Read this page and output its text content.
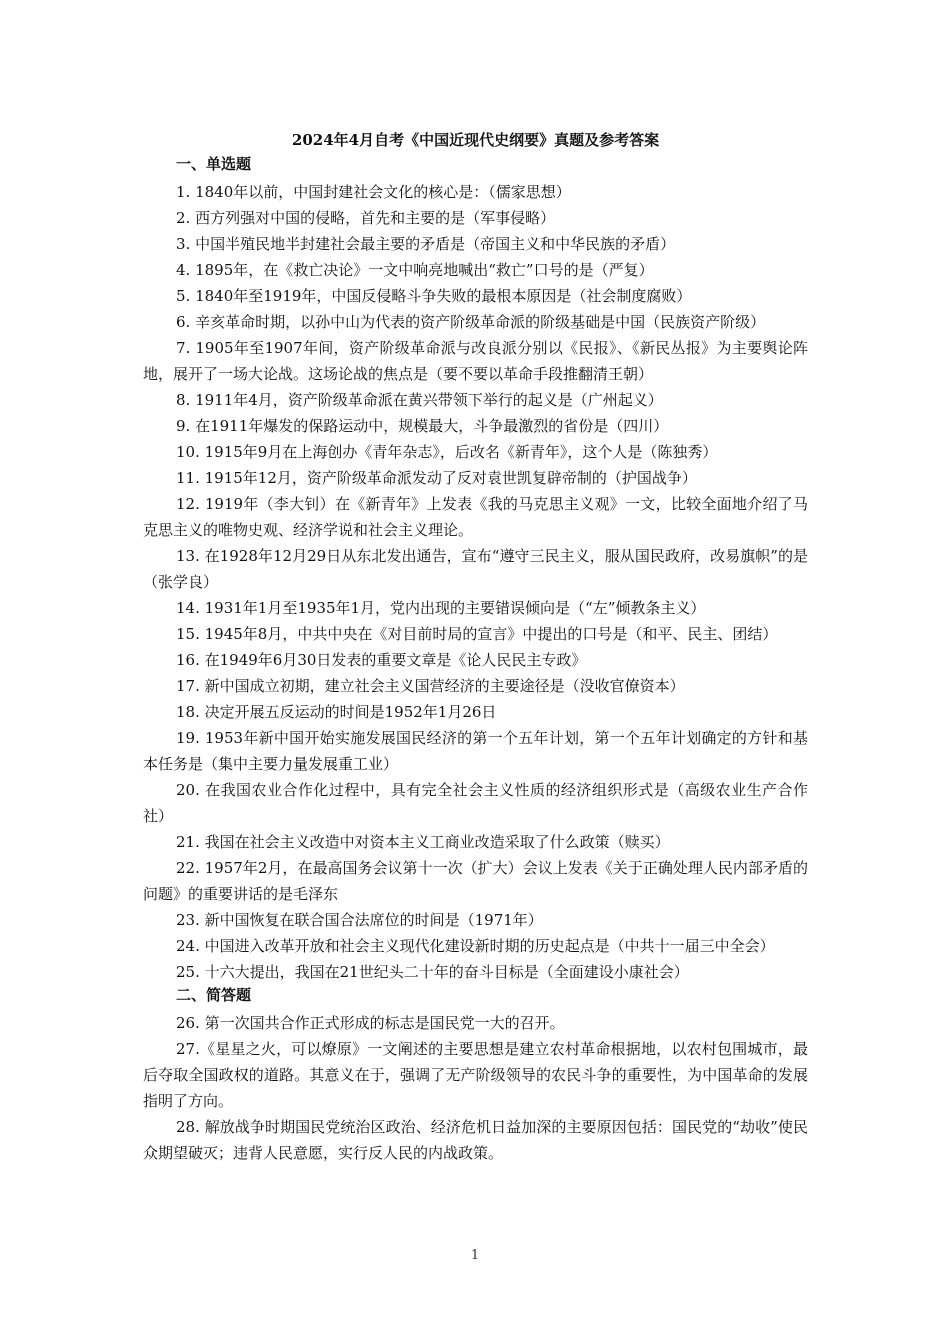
2024年4月自考《中国近现代史纲要》真题及参考答案
一、单选题

1. 1840年以前，中国封建社会文化的核心是：（儒家思想）

2. 西方列强对中国的侵略，首先和主要的是（军事侵略）

3. 中国半殖民地半封建社会最主要的矛盾是（帝国主义和中华民族的矛盾）

4. 1895年，在《救亡决论》一文中响亮地喊出“救亡”口号的是（严复）

5. 1840年至1919年，中国反侵略斗争失败的最根本原因是（社会制度腐败）

6. 辛亥革命时期，以孙中山为代表的资产阶级革命派的阶级基础是中国（民族资产阶级）

7. 1905年至1907年间，资产阶级革命派与改良派分别以《民报》、《新民丛报》为主要舆论阵地，展开了一场大论战。这场论战的焦点是（要不要以革命手段推翻清王朝）

8. 1911年4月，资产阶级革命派在黄兴带领下举行的起义是（广州起义）

9. 在1911年爆发的保路运动中，规模最大，斗争最激烈的省份是（四川）

10. 1915年9月在上海创办《青年杂志》，后改名《新青年》，这个人是（陈独秀）

11. 1915年12月，资产阶级革命派发动了反对袁世凯复辟帝制的（护国战争）

12. 1919年（李大钊）在《新青年》上发表《我的马克思主义观》一文，比较全面地介绍了马克思主义的唯物史观、经济学说和社会主义理论。

13. 在1928年12月29日从东北发出通告，宣布“遵守三民主义，服从国民政府，改易旗帜”的是（张学良）

14. 1931年1月至1935年1月，党内出现的主要错误倾向是（“左”倾教条主义）

15. 1945年8月，中共中央在《对目前时局的宣言》中提出的口号是（和平、民主、团结）

16. 在1949年6月30日发表的重要文章是《论人民民主专政》

17. 新中国成立初期，建立社会主义国营经济的主要途径是（没收官僚资本）

18. 决定开展五反运动的时间是1952年1月26日

19. 1953年新中国开始实施发展国民经济的第一个五年计划，第一个五年计划确定的方针和基本任务是（集中主要力量发展重工业）

20. 在我国农业合作化过程中，具有完全社会主义性质的经济组织形式是（高级农业生产合作社）

21. 我国在社会主义改造中对资本主义工商业改造采取了什么政策（赎买）

22. 1957年2月，在最高国务会议第十一次（扩大）会议上发表《关于正确处理人民内部矛盾的问题》的重要讲话的是毛泽东

23. 新中国恢复在联合国合法席位的时间是（1971年）

24. 中国进入改革开放和社会主义现代化建设新时期的历史起点是（中共十一届三中全会）

25. 十六大提出，我国在21世纪头二十年的奋斗目标是（全面建设小康社会）

二、简答题

26. 第一次国共合作正式形成的标志是国民党一大的召开。

27.《星星之火，可以燎原》一文阐述的主要思想是建立农村革命根据地，以农村包围城市，最后夺取全国政权的道路。其意义在于，强调了无产阶级领导的农民斗争的重要性，为中国革命的发展指明了方向。

28. 解放战争时期国民党统治区政治、经济危机日益加深的主要原因包括：国民党的“劫收”使民众期望破灭；违背人民意愿，实行反人民的内战政策。

1
